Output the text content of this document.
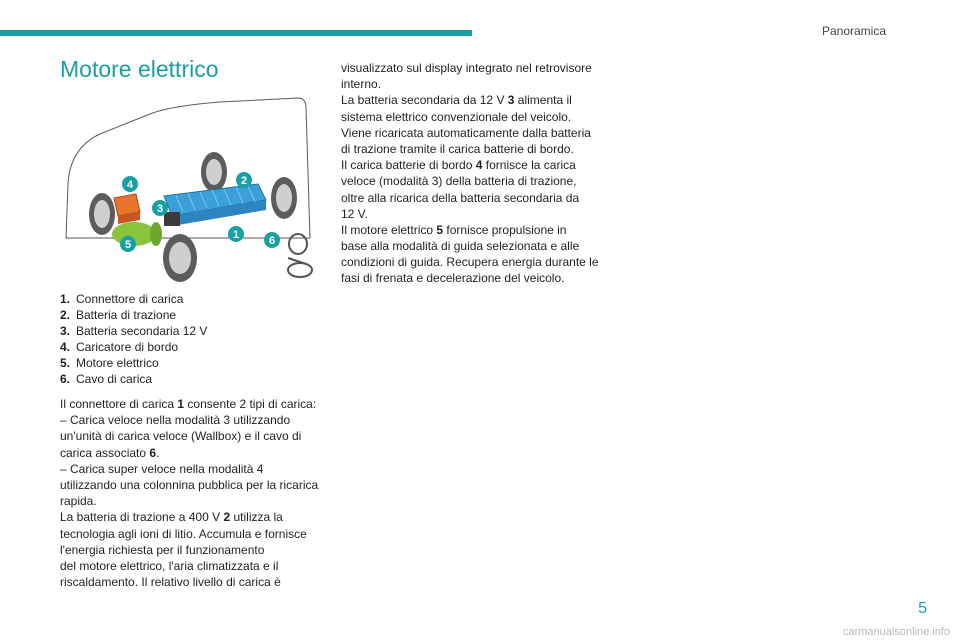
Panoramica
Motore elettrico
1
2
3
4
5	6
1. Connettore di carica
2. Batteria di trazione
3. Batteria secondaria 12 V
4. Caricatore di bordo
5. Motore elettrico
6. Cavo di carica
Il connettore di carica 1 consente 2 tipi di carica:
– Carica veloce nella modalità 3 utilizzando
un'unità di carica veloce (Wallbox) e il cavo di
carica associato 6.
– Carica super veloce nella modalità 4
utilizzando una colonnina pubblica per la ricarica
rapida.
La batteria di trazione a 400 V 2 utilizza la
tecnologia agli ioni di litio. Accumula e fornisce
l'energia richiesta per il funzionamento
del motore elettrico, l'aria climatizzata e il
riscaldamento. Il relativo livello di carica è
visualizzato sul display integrato nel retrovisore
interno.
La batteria secondaria da 12 V 3 alimenta il
sistema elettrico convenzionale del veicolo.
Viene ricaricata automaticamente dalla batteria
di trazione tramite il carica batterie di bordo.
Il carica batterie di bordo 4 fornisce la carica
veloce (modalità 3) della batteria di trazione,
oltre alla ricarica della batteria secondaria da
12 V.
Il motore elettrico 5 fornisce propulsione in
base alla modalità di guida selezionata e alle
condizioni di guida. Recupera energia durante le
fasi di frenata e decelerazione del veicolo.
5
carmanualsonline.info
